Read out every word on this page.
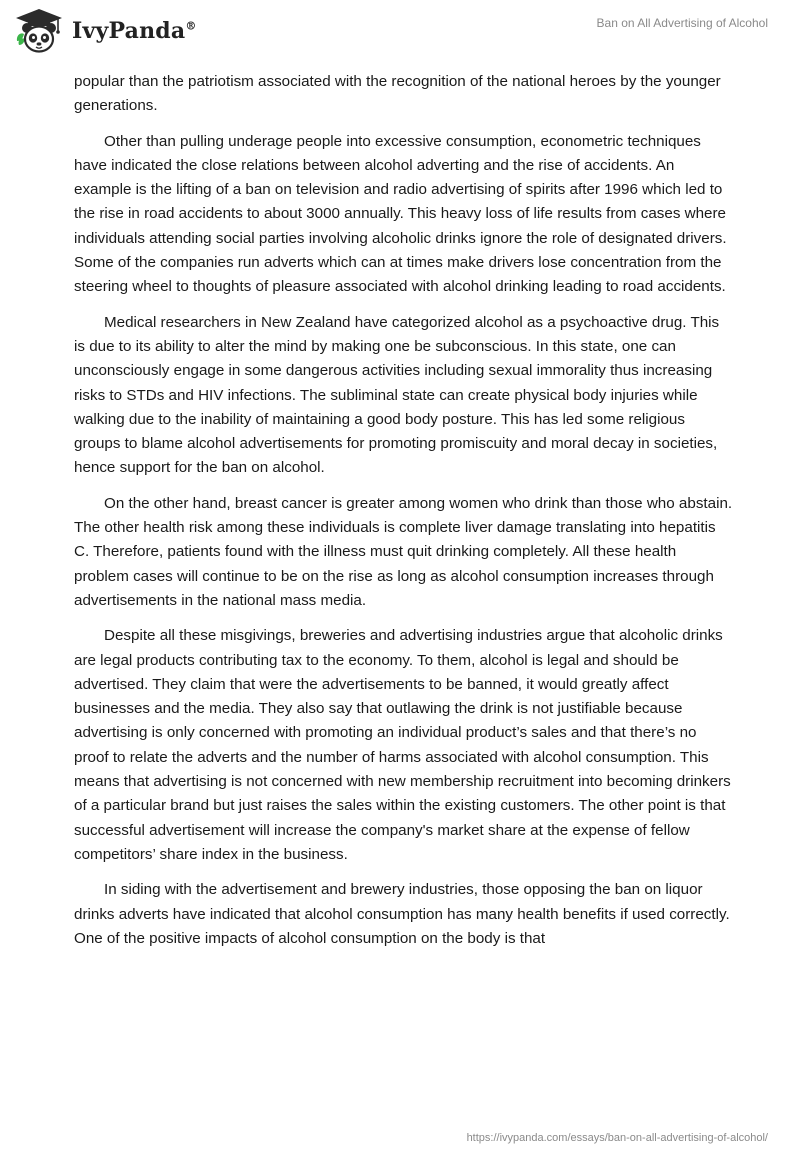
IvyPanda®	Ban on All Advertising of Alcohol

popular than the patriotism associated with the recognition of the national heroes by the younger generations.

Other than pulling underage people into excessive consumption, econometric techniques have indicated the close relations between alcohol adverting and the rise of accidents. An example is the lifting of a ban on television and radio advertising of spirits after 1996 which led to the rise in road accidents to about 3000 annually. This heavy loss of life results from cases where individuals attending social parties involving alcoholic drinks ignore the role of designated drivers. Some of the companies run adverts which can at times make drivers lose concentration from the steering wheel to thoughts of pleasure associated with alcohol drinking leading to road accidents.

Medical researchers in New Zealand have categorized alcohol as a psychoactive drug. This is due to its ability to alter the mind by making one be subconscious. In this state, one can unconsciously engage in some dangerous activities including sexual immorality thus increasing risks to STDs and HIV infections. The subliminal state can create physical body injuries while walking due to the inability of maintaining a good body posture. This has led some religious groups to blame alcohol advertisements for promoting promiscuity and moral decay in societies, hence support for the ban on alcohol.

On the other hand, breast cancer is greater among women who drink than those who abstain. The other health risk among these individuals is complete liver damage translating into hepatitis C. Therefore, patients found with the illness must quit drinking completely. All these health problem cases will continue to be on the rise as long as alcohol consumption increases through advertisements in the national mass media.

Despite all these misgivings, breweries and advertising industries argue that alcoholic drinks are legal products contributing tax to the economy. To them, alcohol is legal and should be advertised. They claim that were the advertisements to be banned, it would greatly affect businesses and the media. They also say that outlawing the drink is not justifiable because advertising is only concerned with promoting an individual product’s sales and that there’s no proof to relate the adverts and the number of harms associated with alcohol consumption. This means that advertising is not concerned with new membership recruitment into becoming drinkers of a particular brand but just raises the sales within the existing customers. The other point is that successful advertisement will increase the company's market share at the expense of fellow competitors’ share index in the business.

In siding with the advertisement and brewery industries, those opposing the ban on liquor drinks adverts have indicated that alcohol consumption has many health benefits if used correctly. One of the positive impacts of alcohol consumption on the body is that

https://ivypanda.com/essays/ban-on-all-advertising-of-alcohol/
